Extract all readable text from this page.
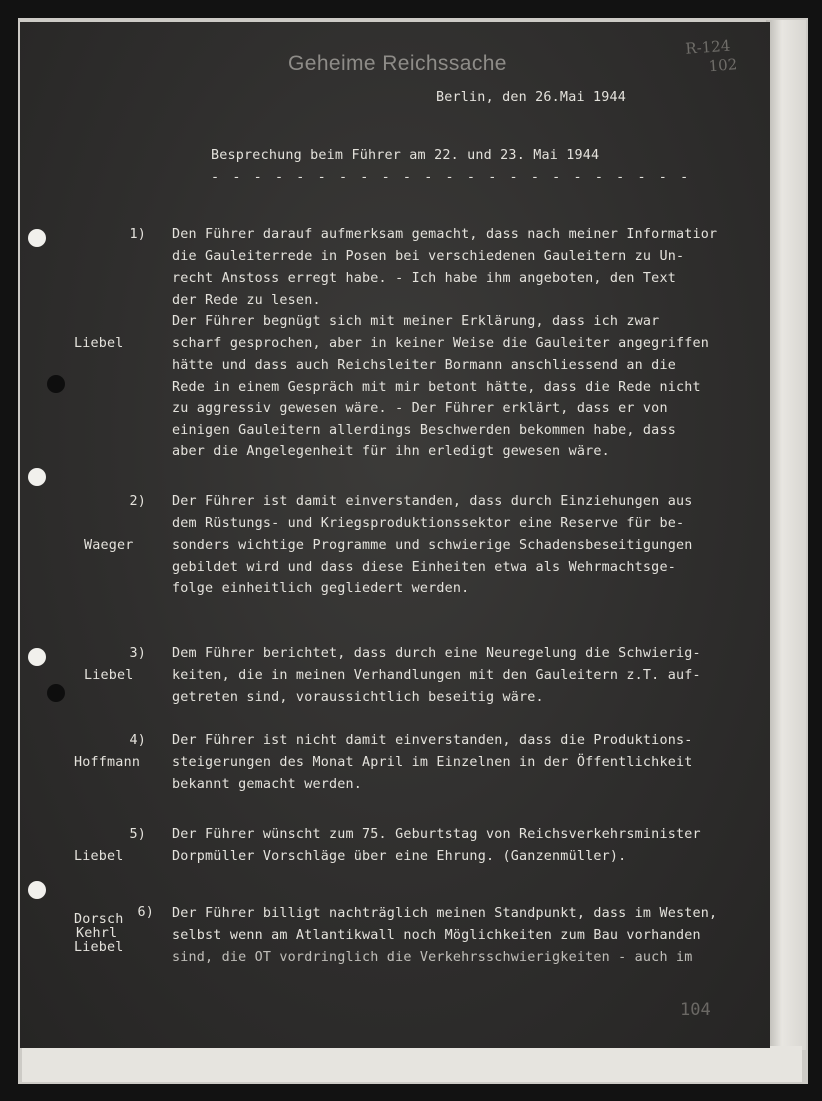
Geheime Reichssache
R-124
102
Berlin, den 26.Mai 1944
Besprechung beim Führer am 22. und 23. Mai 1944
- - - - - - - - - - - - - - - - - - - - - - -
1)
Liebel
Den Führer darauf aufmerksam gemacht, dass nach meiner Informatior
die Gauleiterrede in Posen bei verschiedenen Gauleitern zu Un-
recht Anstoss erregt habe. - Ich habe ihm angeboten, den Text
der Rede zu lesen.
Der Führer begnügt sich mit meiner Erklärung, dass ich zwar
scharf gesprochen, aber in keiner Weise die Gauleiter angegriffen
hätte und dass auch Reichsleiter Bormann anschliessend an die
Rede in einem Gespräch mit mir betont hätte, dass die Rede nicht
zu aggressiv gewesen wäre. - Der Führer erklärt, dass er von
einigen Gauleitern allerdings Beschwerden bekommen habe, dass
aber die Angelegenheit für ihn erledigt gewesen wäre.
2)
Waeger
Der Führer ist damit einverstanden, dass durch Einziehungen aus
dem Rüstungs- und Kriegsproduktionssektor eine Reserve für be-
sonders wichtige Programme und schwierige Schadensbeseitigungen
gebildet wird und dass diese Einheiten etwa als Wehrmachtsge-
folge einheitlich gegliedert werden.
3)
Liebel
Dem Führer berichtet, dass durch eine Neuregelung die Schwierig-
keiten, die in meinen Verhandlungen mit den Gauleitern z.T. auf-
getreten sind, voraussichtlich beseitig wäre.
4)
Hoffmann
Der Führer ist nicht damit einverstanden, dass die Produktions-
steigerungen des Monat April im Einzelnen in der Öffentlichkeit
bekannt gemacht werden.
5)
Liebel
Der Führer wünscht zum 75. Geburtstag von Reichsverkehrsminister
Dorpmüller Vorschläge über eine Ehrung. (Ganzenmüller).
6)
Dorsch
Kehrl
Liebel
Der Führer billigt nachträglich meinen Standpunkt, dass im Westen,
selbst wenn am Atlantikwall noch Möglichkeiten zum Bau vorhanden
sind, die OT vordringlich die Verkehrsschwierigkeiten - auch im
104
